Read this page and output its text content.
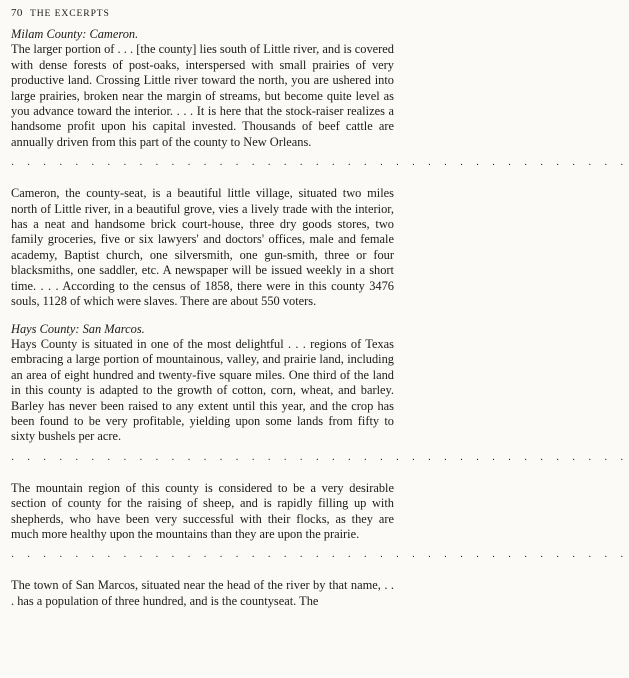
70 THE EXCERPTS
Milam County: Cameron.

The larger portion of . . . [the county] lies south of Little river, and is covered with dense forests of post-oaks, interspersed with small prairies of very productive land. Crossing Little river toward the north, you are ushered into large prairies, broken near the margin of streams, but become quite level as you advance toward the interior. . . . It is here that the stock-raiser realizes a handsome profit upon his capital invested. Thousands of beef cattle are annually driven from this part of the county to New Orleans.

· · · · · · · · · · · · · · · · · · · · · · · · · · · · · · · · · · · · · · ·

Cameron, the county-seat, is a beautiful little village, situated two miles north of Little river, in a beautiful grove, vies a lively trade with the interior, has a neat and handsome brick court-house, three dry goods stores, two family groceries, five or six lawyers' and doctors' offices, male and female academy, Baptist church, one silversmith, one gun-smith, three or four blacksmiths, one saddler, etc. A newspaper will be issued weekly in a short time. . . . According to the census of 1858, there were in this county 3476 souls, 1128 of which were slaves. There are about 550 voters.

Hays County: San Marcos.

Hays County is situated in one of the most delightful . . . regions of Texas embracing a large portion of mountainous, valley, and prairie land, including an area of eight hundred and twenty-five square miles. One third of the land in this county is adapted to the growth of cotton, corn, wheat, and barley. Barley has never been raised to any extent until this year, and the crop has been found to be very profitable, yielding upon some lands from fifty to sixty bushels per acre.

· · · · · · · · · · · · · · · · · · · · · · · · · · · · · · · · · · · · · · ·

The mountain region of this county is considered to be a very desirable section of county for the raising of sheep, and is rapidly filling up with shepherds, who have been very successful with their flocks, as they are much more healthy upon the mountains than they are upon the prairie.

· · · · · · · · · · · · · · · · · · · · · · · · · · · · · · · · · · · · · · ·

The town of San Marcos, situated near the head of the river by that name, . . . has a population of three hundred, and is the countyseat. The
